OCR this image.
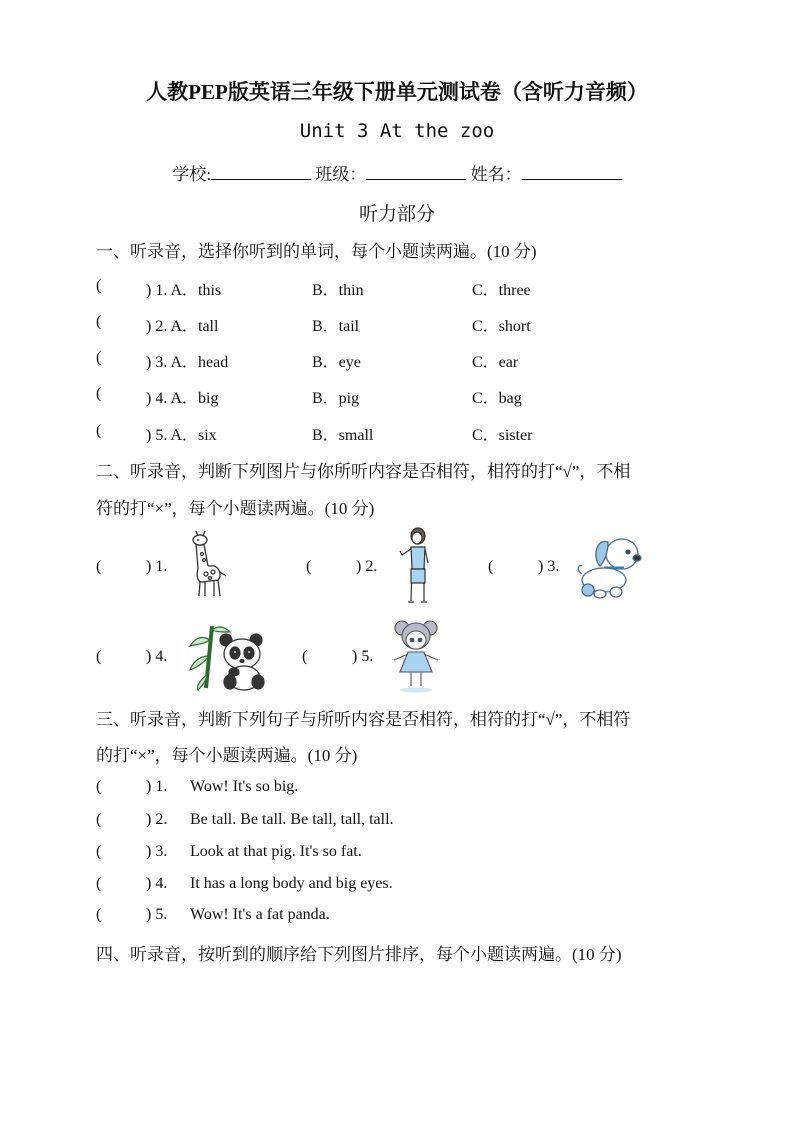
人教PEP版英语三年级下册单元测试卷（含听力音频）
Unit 3 At the zoo
学校:	班级：	姓名：
听力部分
一、听录音，选择你听到的单词，每个小题读两遍。(10 分)
(	) 1. A．this	B．thin	C．three
(	) 2. A．tall	B．tail	C．short
(	) 3. A．head	B．eye	C．ear
(	) 4. A．big	B．pig	C．bag
(	) 5. A．six	B．small	C．sister
二、听录音，判断下列图片与你所听内容是否相符，相符的打“√”，不相
符的打“×”，每个小题读两遍。(10 分)
(	) 1.	(	) 2.	(	) 3.
(	) 4.	(	) 5.
三、听录音，判断下列句子与所听内容是否相符，相符的打“√”，不相符
的打“×”，每个小题读两遍。(10 分)
(	) 1. Wow! It's so big.
(	) 2. Be tall. Be tall. Be tall, tall, tall.
(	) 3. Look at that pig. It's so fat.
(	) 4. It has a long body and big eyes.
(	) 5. Wow! It's a fat panda.
四、听录音，按听到的顺序给下列图片排序，每个小题读两遍。(10 分)
